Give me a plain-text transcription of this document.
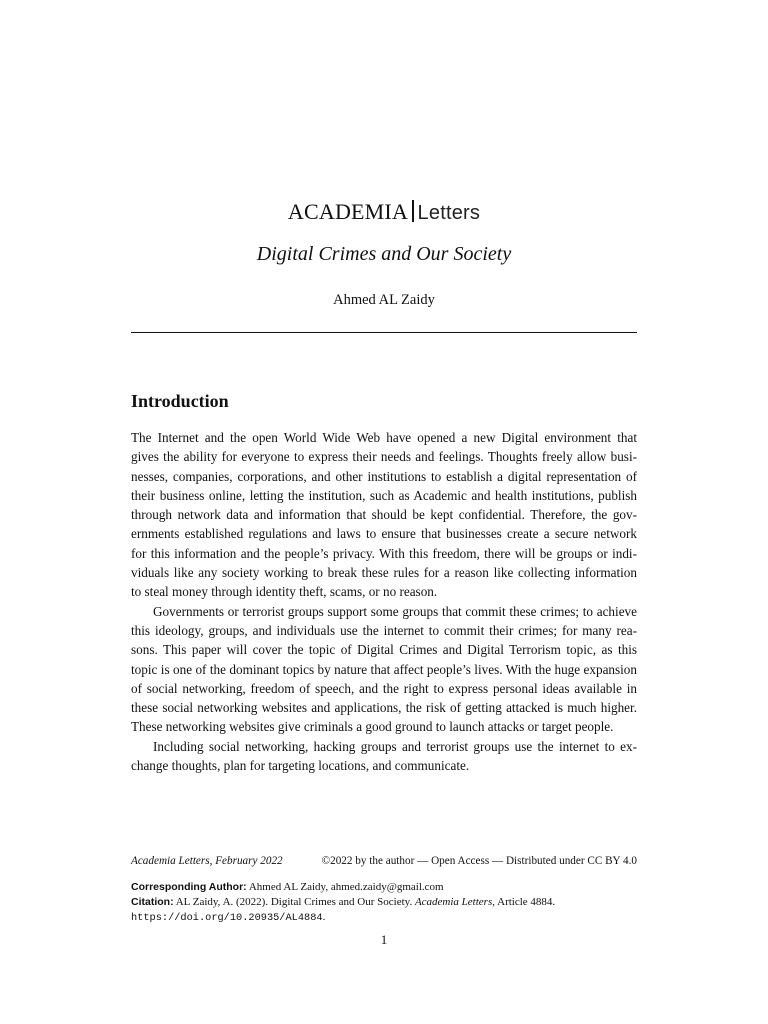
ACADEMIA Letters
Digital Crimes and Our Society
Ahmed AL Zaidy
Introduction
The Internet and the open World Wide Web have opened a new Digital environment that
gives the ability for everyone to express their needs and feelings. Thoughts freely allow busi-
nesses, companies, corporations, and other institutions to establish a digital representation of
their business online, letting the institution, such as Academic and health institutions, publish
through network data and information that should be kept confidential. Therefore, the gov-
ernments established regulations and laws to ensure that businesses create a secure network
for this information and the people’s privacy. With this freedom, there will be groups or indi-
viduals like any society working to break these rules for a reason like collecting information
to steal money through identity theft, scams, or no reason.
Governments or terrorist groups support some groups that commit these crimes; to achieve
this ideology, groups, and individuals use the internet to commit their crimes; for many rea-
sons. This paper will cover the topic of Digital Crimes and Digital Terrorism topic, as this
topic is one of the dominant topics by nature that affect people’s lives. With the huge expansion
of social networking, freedom of speech, and the right to express personal ideas available in
these social networking websites and applications, the risk of getting attacked is much higher.
These networking websites give criminals a good ground to launch attacks or target people.
Including social networking, hacking groups and terrorist groups use the internet to ex-
change thoughts, plan for targeting locations, and communicate.
Academia Letters, February 2022	©2022 by the author — Open Access — Distributed under CC BY 4.0
Corresponding Author: Ahmed AL Zaidy, ahmed.zaidy@gmail.com
Citation: AL Zaidy, A. (2022). Digital Crimes and Our Society. Academia Letters, Article 4884.
https://doi.org/10.20935/AL4884.
1
